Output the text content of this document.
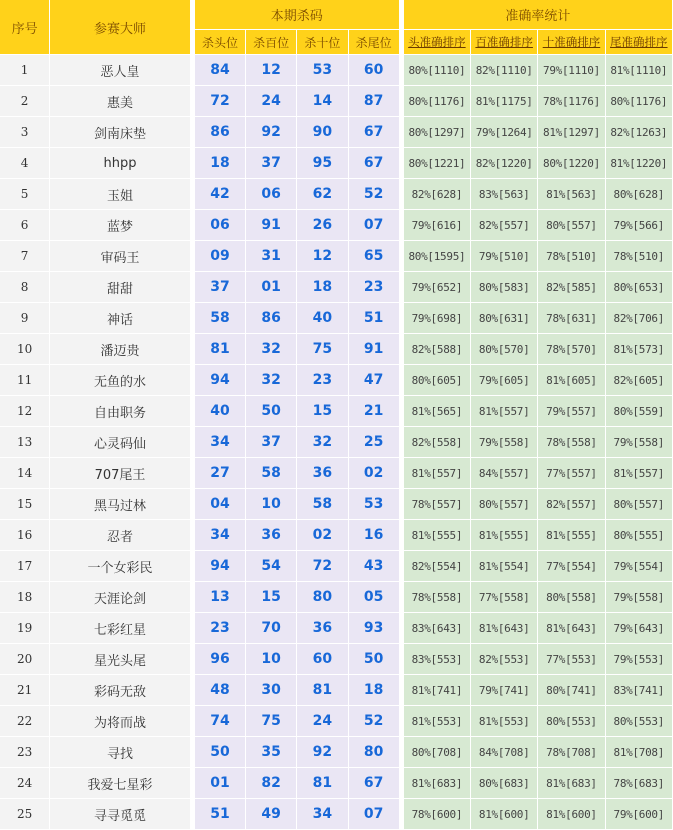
序号	参赛大师		本期杀码					准确率统计			
			杀头位	杀百位	杀十位	杀尾位		头准确排序	百准确排序	十准确排序	尾准确排序
1	恶人皇		84	12	53	60		80%[1110]	82%[1110]	79%[1110]	81%[1110]
2	惠美		72	24	14	87		80%[1176]	81%[1175]	78%[1176]	80%[1176]
3	剑南床垫		86	92	90	67		80%[1297]	79%[1264]	81%[1297]	82%[1263]
4	hhpp		18	37	95	67		80%[1221]	82%[1220]	80%[1220]	81%[1220]
5	玉姐		42	06	62	52		82%[628]	83%[563]	81%[563]	80%[628]
6	蓝梦		06	91	26	07		79%[616]	82%[557]	80%[557]	79%[566]
7	审码王		09	31	12	65		80%[1595]	79%[510]	78%[510]	78%[510]
8	甜甜		37	01	18	23		79%[652]	80%[583]	82%[585]	80%[653]
9	神话		58	86	40	51		79%[698]	80%[631]	78%[631]	82%[706]
10	潘迈贵		81	32	75	91		82%[588]	80%[570]	78%[570]	81%[573]
11	无鱼的水		94	32	23	47		80%[605]	79%[605]	81%[605]	82%[605]
12	自由职务		40	50	15	21		81%[565]	81%[557]	79%[557]	80%[559]
13	心灵码仙		34	37	32	25		82%[558]	79%[558]	78%[558]	79%[558]
14	707尾王		27	58	36	02		81%[557]	84%[557]	77%[557]	81%[557]
15	黑马过林		04	10	58	53		78%[557]	80%[557]	82%[557]	80%[557]
16	忍者		34	36	02	16		81%[555]	81%[555]	81%[555]	80%[555]
17	一个女彩民		94	54	72	43		82%[554]	81%[554]	77%[554]	79%[554]
18	天涯论剑		13	15	80	05		78%[558]	77%[558]	80%[558]	79%[558]
19	七彩红星		23	70	36	93		83%[643]	81%[643]	81%[643]	79%[643]
20	星光头尾		96	10	60	50		83%[553]	82%[553]	77%[553]	79%[553]
21	彩码无敌		48	30	81	18		81%[741]	79%[741]	80%[741]	83%[741]
22	为将而战		74	75	24	52		81%[553]	81%[553]	80%[553]	80%[553]
23	寻找		50	35	92	80		80%[708]	84%[708]	78%[708]	81%[708]
24	我爱七星彩		01	82	81	67		81%[683]	80%[683]	81%[683]	78%[683]
25	寻寻觅觅		51	49	34	07		78%[600]	81%[600]	81%[600]	79%[600]
